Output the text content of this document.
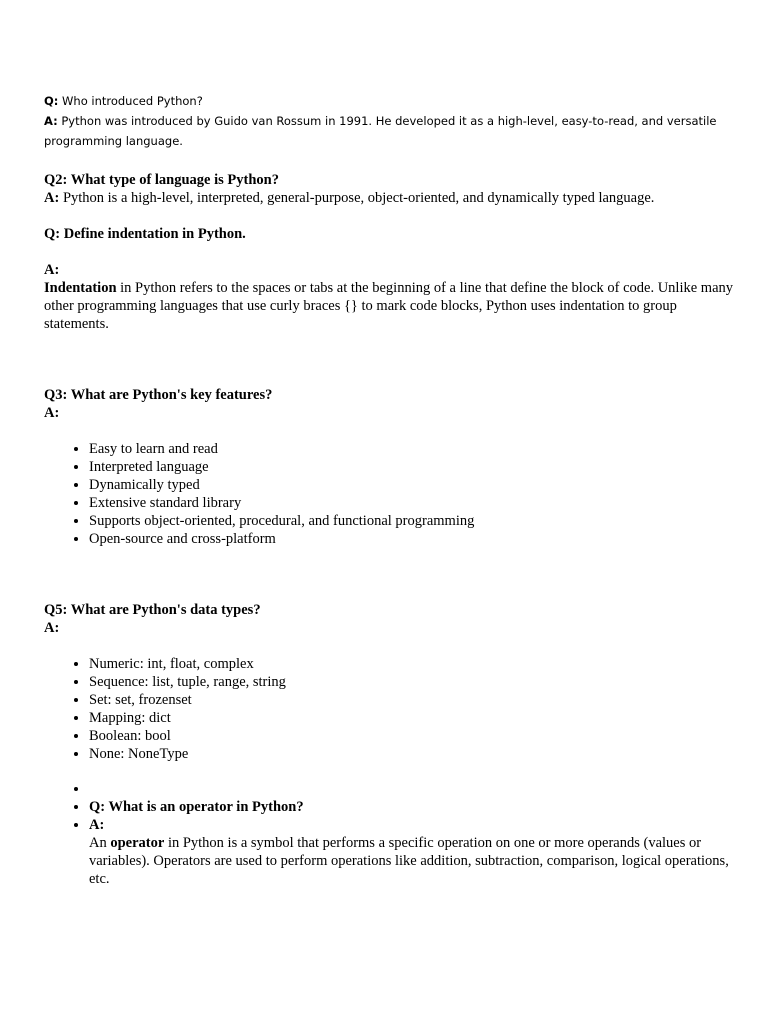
Q: Who introduced Python?
A: Python was introduced by Guido van Rossum in 1991. He developed it as a high-level, easy-to-read, and versatile programming language.

Q2: What type of language is Python?

A: Python is a high-level, interpreted, general-purpose, object-oriented, and dynamically typed language.

Q: Define indentation in Python.

A:

Indentation in Python refers to the spaces or tabs at the beginning of a line that define the block of code. Unlike many other programming languages that use curly braces {} to mark code blocks, Python uses indentation to group statements.

Q3: What are Python's key features?

A:

• Easy to learn and read
• Interpreted language
• Dynamically typed
• Extensive standard library
• Supports object-oriented, procedural, and functional programming
• Open-source and cross-platform

Q5: What are Python's data types?

A:

• Numeric: int, float, complex
• Sequence: list, tuple, range, string
• Set: set, frozenset
• Mapping: dict
• Boolean: bool
• None: NoneType
•
• Q: What is an operator in Python?
• A:
An operator in Python is a symbol that performs a specific operation on one or more operands (values or variables). Operators are used to perform operations like addition, subtraction, comparison, logical operations, etc.
